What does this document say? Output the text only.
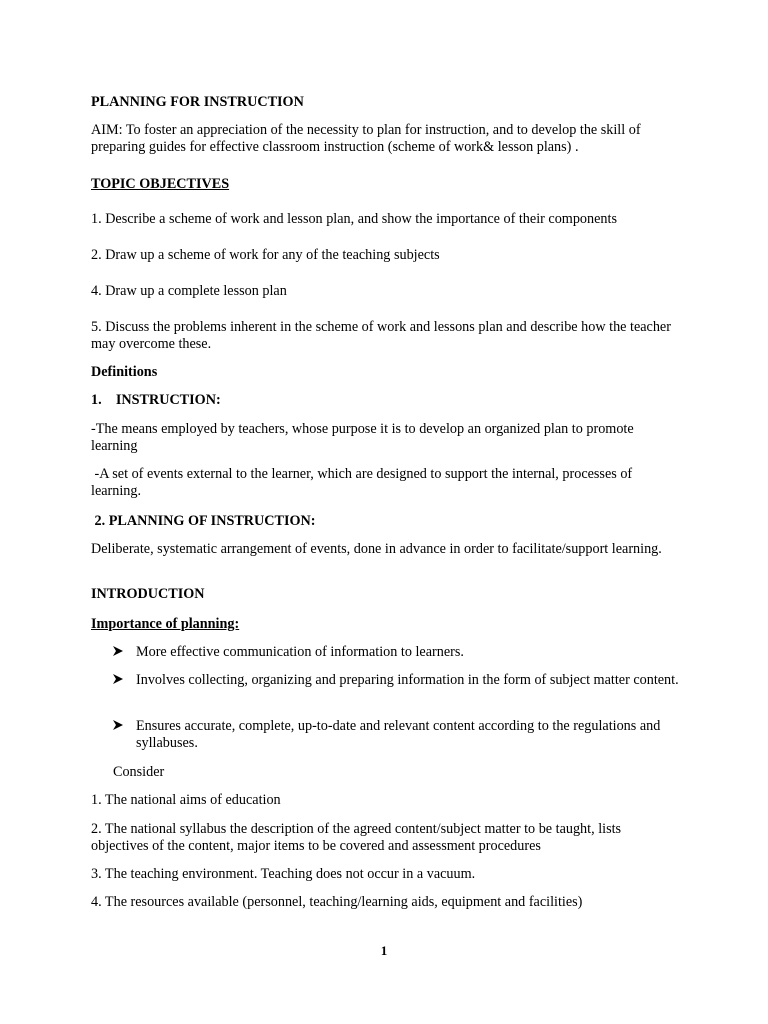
PLANNING FOR INSTRUCTION
AIM: To foster an appreciation of the necessity to plan for instruction, and to develop the skill of preparing guides for effective classroom instruction (scheme of work& lesson plans) .
TOPIC OBJECTIVES
1. Describe a scheme of work and lesson plan, and show the importance of their components
2. Draw up a scheme of work for any of the teaching subjects
4. Draw up a complete lesson plan
5. Discuss the problems inherent in the scheme of work and lessons plan and describe how the teacher may overcome these.
Definitions
1.    INSTRUCTION:
-The means employed by teachers, whose purpose it is to develop an organized plan to promote learning
-A set of events external to the learner, which are designed to support the internal, processes of learning.
2. PLANNING OF INSTRUCTION:
Deliberate, systematic arrangement of events, done in advance in order to facilitate/support learning.
INTRODUCTION
Importance of planning:
More effective communication of information to learners.
Involves collecting, organizing and preparing information in the form of subject matter content.
Ensures accurate, complete, up-to-date and relevant content according to the regulations and syllabuses.
Consider
1. The national aims of education
2. The national syllabus the description of the agreed content/subject matter to be taught, lists objectives of the content, major items to be covered and assessment procedures
3. The teaching environment. Teaching does not occur in a vacuum.
4. The resources available (personnel, teaching/learning aids, equipment and facilities)
1
